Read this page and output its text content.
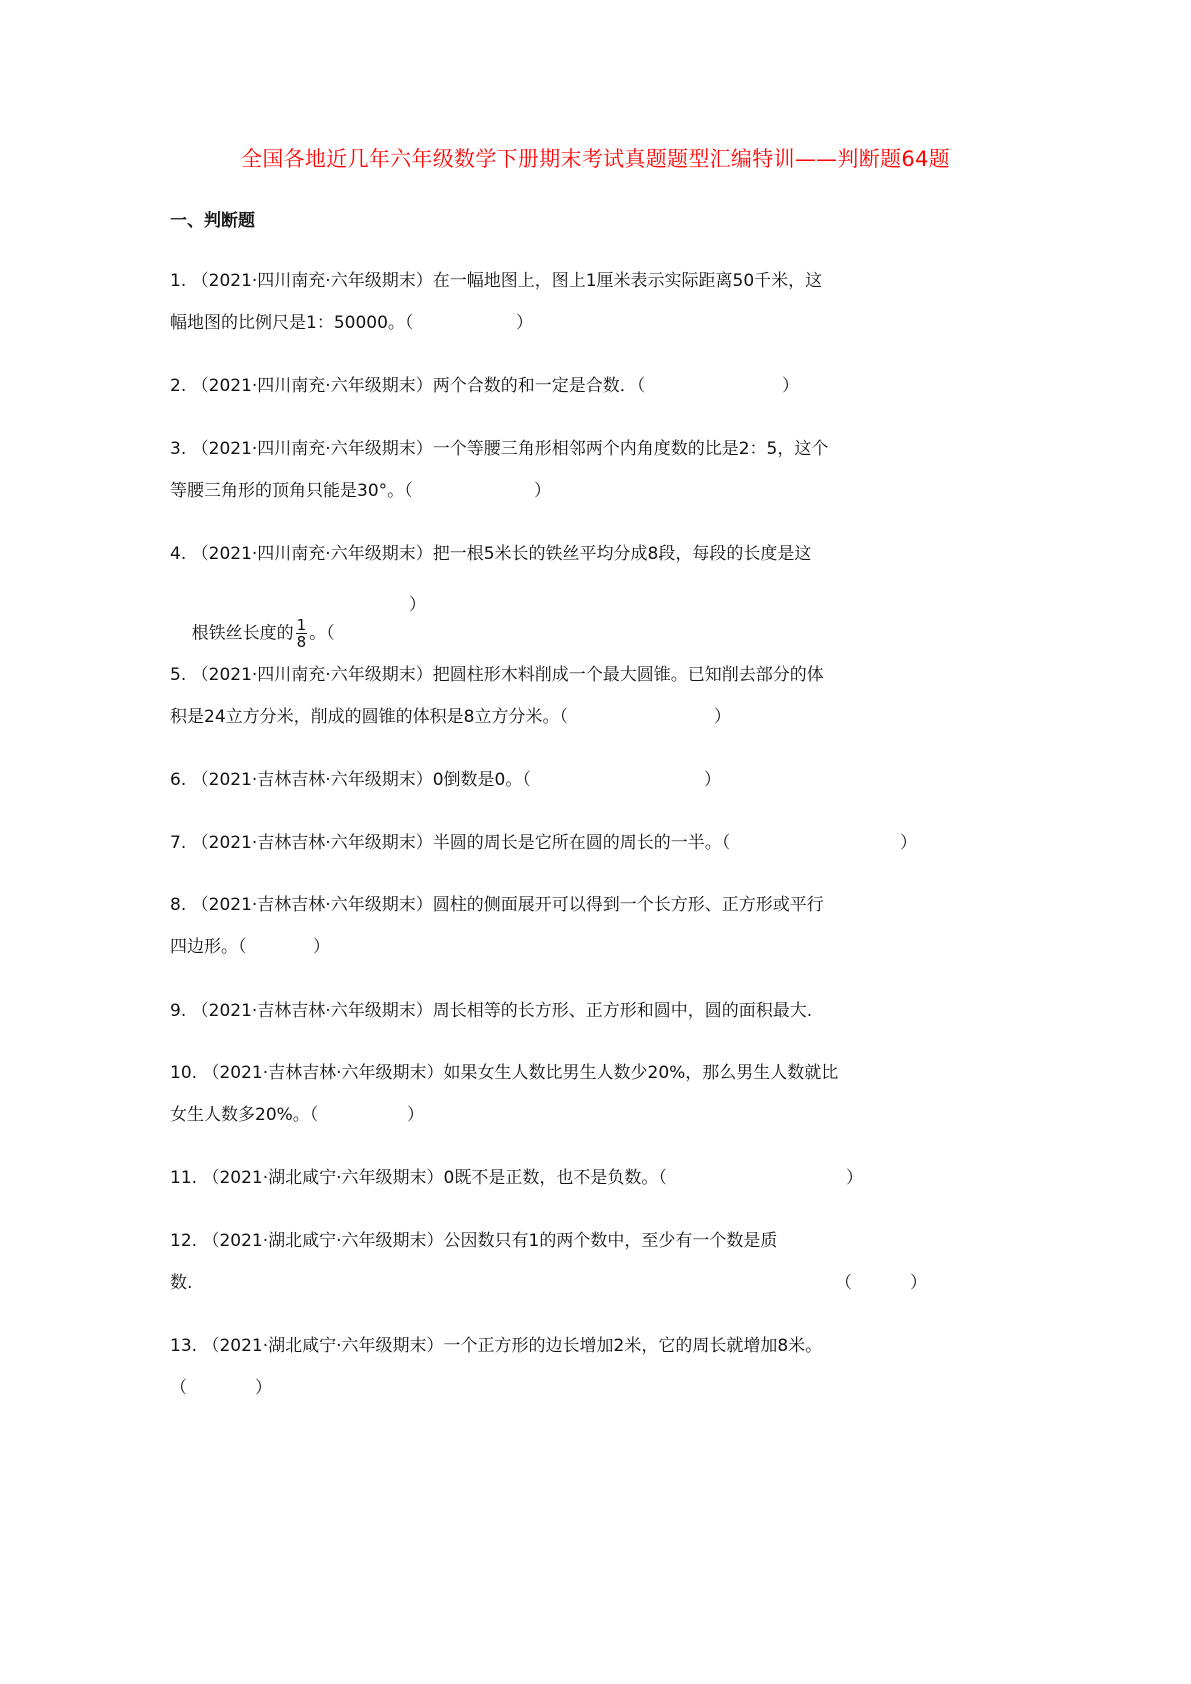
全国各地近几年六年级数学下册期末考试真题题型汇编特训——判断题64题
一、判断题
1. （2021·四川南充·六年级期末）在一幅地图上，图上1厘米表示实际距离50千米，这
幅地图的比例尺是1：50000。（	）
2. （2021·四川南充·六年级期末）两个合数的和一定是合数．（	）
3. （2021·四川南充·六年级期末）一个等腰三角形相邻两个内角度数的比是2：5，这个
等腰三角形的顶角只能是30°。（	）
4. （2021·四川南充·六年级期末）把一根5米长的铁丝平均分成8段，每段的长度是这

根铁丝长度的 $\frac{1}{8}$ 。（

）
5. （2021·四川南充·六年级期末）把圆柱形木料削成一个最大圆锥。已知削去部分的体
积是24立方分米，削成的圆锥的体积是8立方分米。（	）
6. （2021·吉林吉林·六年级期末）0倒数是0。（	）
7. （2021·吉林吉林·六年级期末）半圆的周长是它所在圆的周长的一半。（	）
8. （2021·吉林吉林·六年级期末）圆柱的侧面展开可以得到一个长方形、正方形或平行
四边形。（	）
9. （2021·吉林吉林·六年级期末）周长相等的长方形、正方形和圆中，圆的面积最大.
10. （2021·吉林吉林·六年级期末）如果女生人数比男生人数少20%，那么男生人数就比
女生人数多20%。（	）
11. （2021·湖北咸宁·六年级期末）0既不是正数，也不是负数。（	）
12. （2021·湖北咸宁·六年级期末）公因数只有1的两个数中，至少有一个数是质
数.	（	）
13. （2021·湖北咸宁·六年级期末）一个正方形的边长增加2米，它的周长就增加8米。
（	）
